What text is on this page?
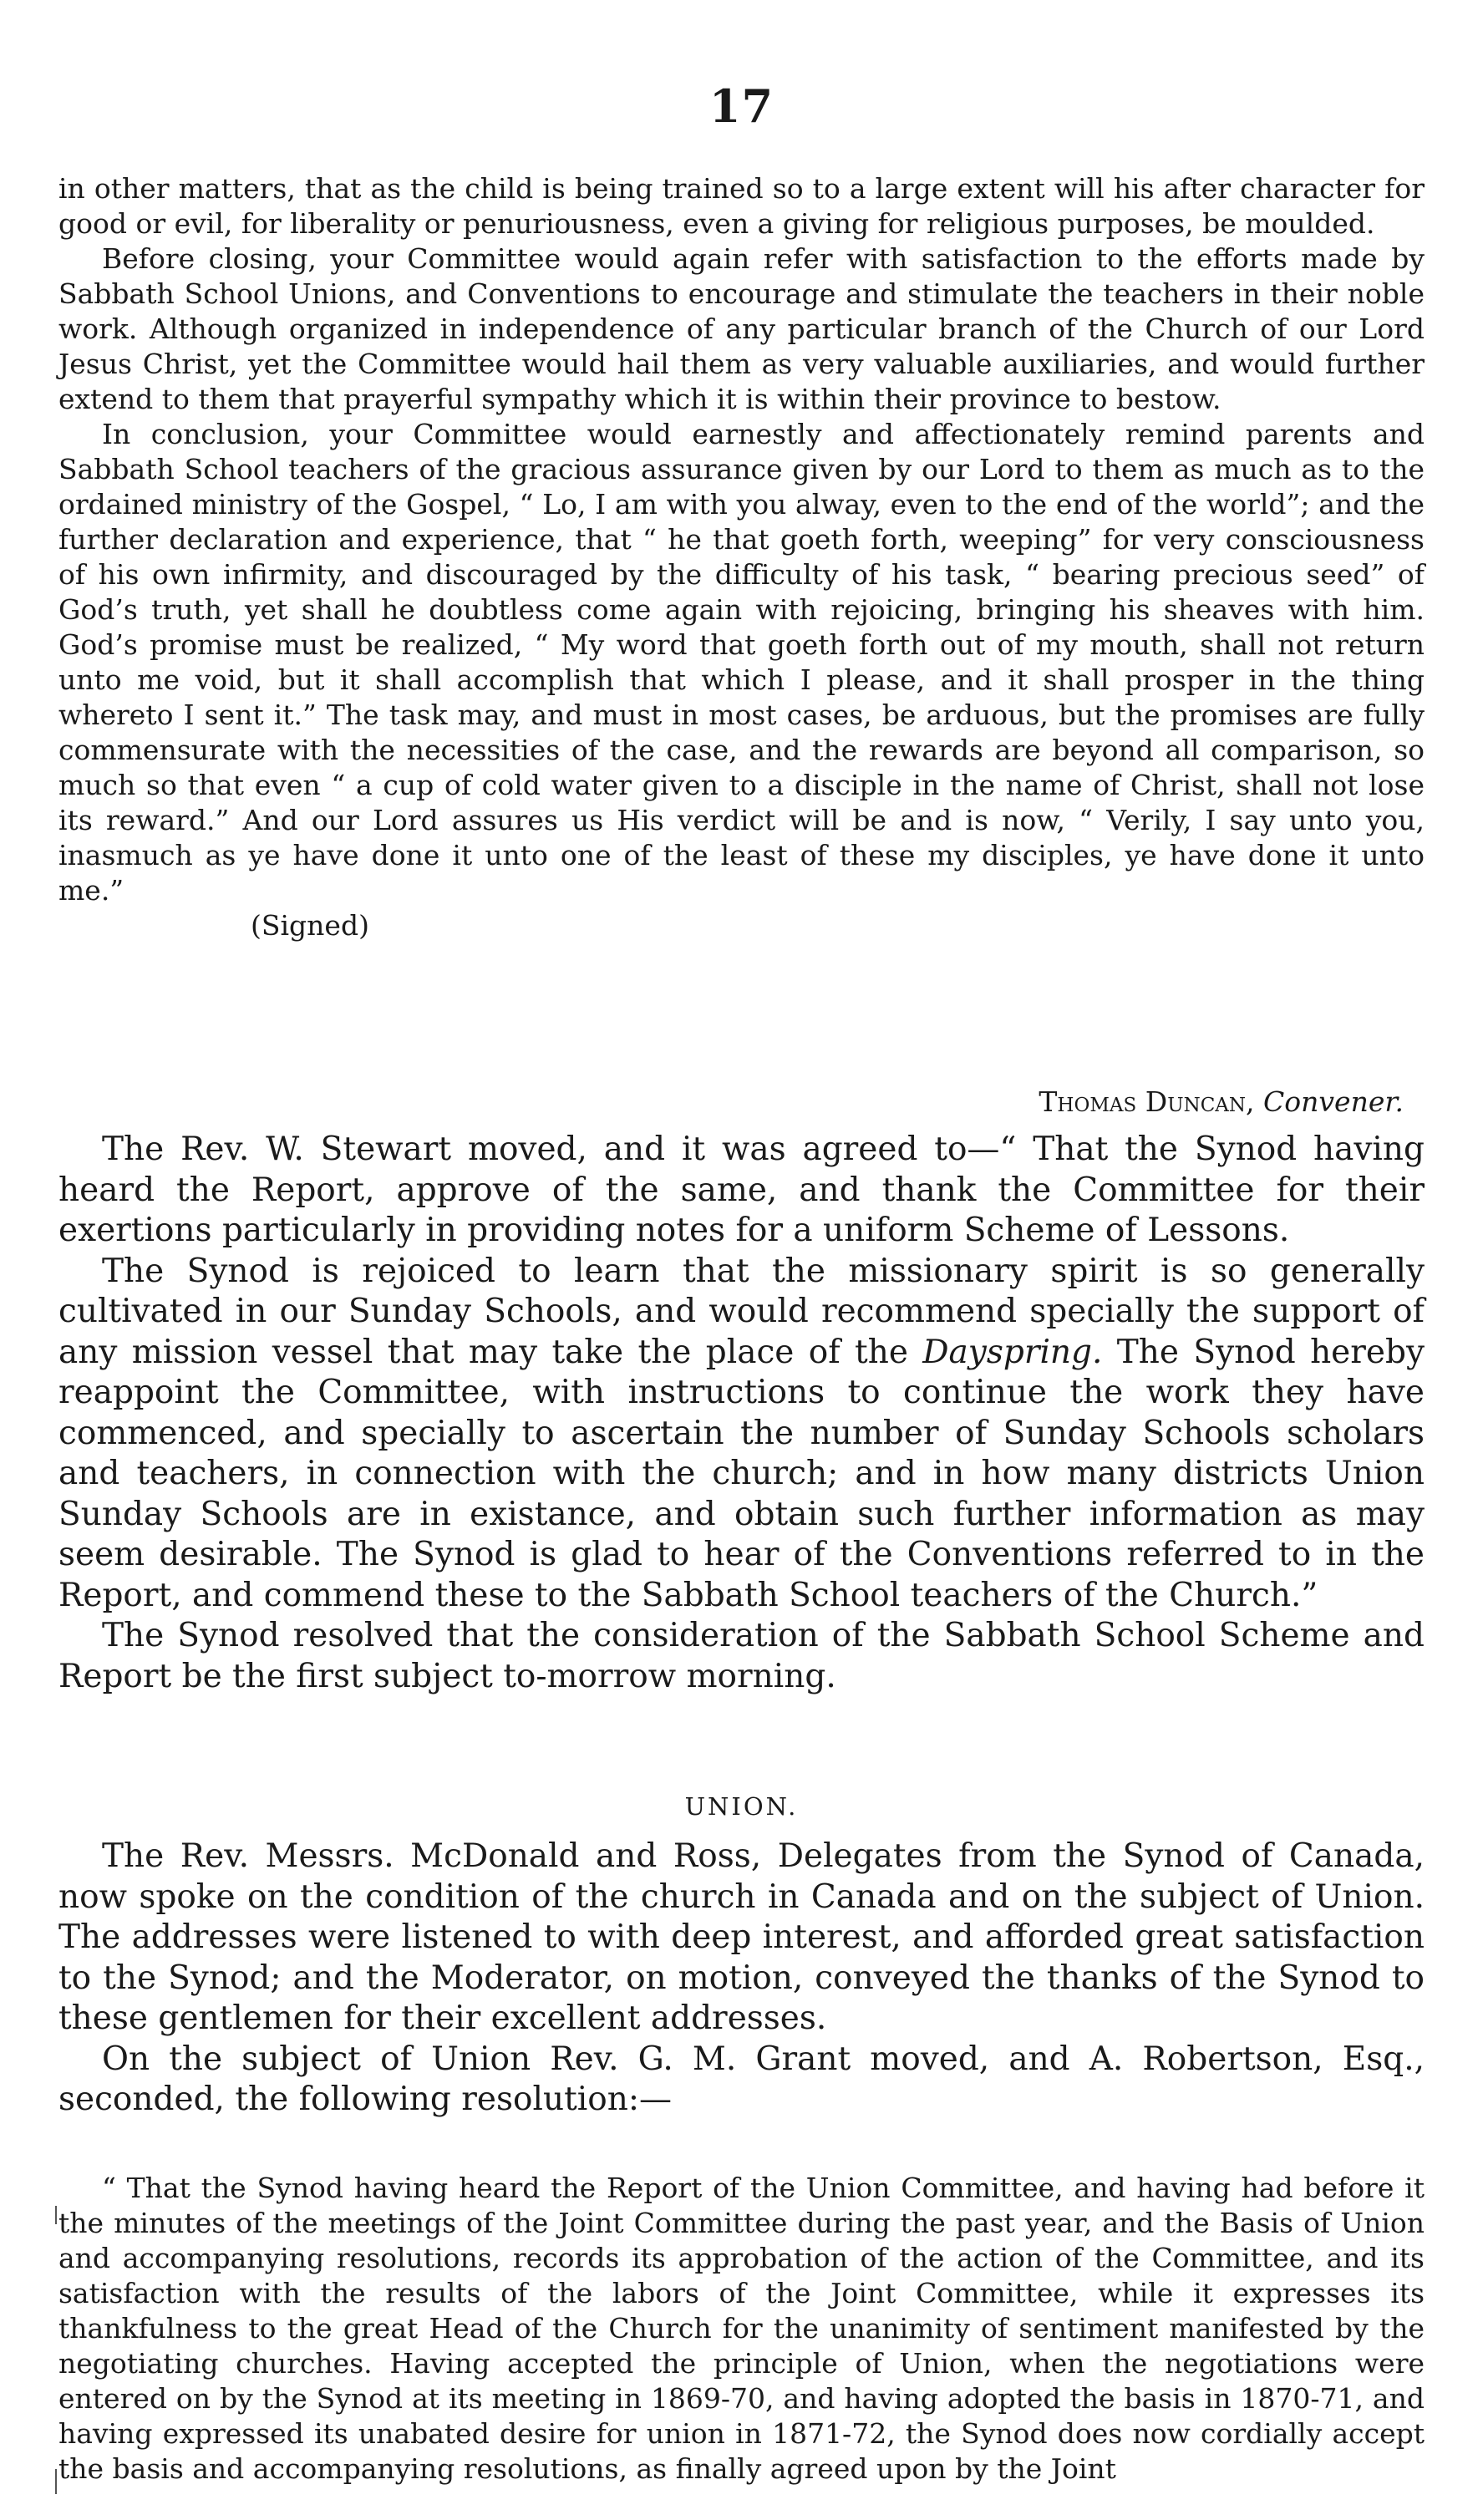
17

in other matters, that as the child is being trained so to a large extent will his after character for good or evil, for liberality or penuriousness, even a giving for religious purposes, be moulded.

Before closing, your Committee would again refer with satisfaction to the efforts made by Sabbath School Unions, and Conventions to encourage and stimulate the teachers in their noble work. Although organized in independence of any particular branch of the Church of our Lord Jesus Christ, yet the Committee would hail them as very valuable auxiliaries, and would further extend to them that prayerful sympathy which it is within their province to bestow.

In conclusion, your Committee would earnestly and affectionately remind parents and Sabbath School teachers of the gracious assurance given by our Lord to them as much as to the ordained ministry of the Gospel, “ Lo, I am with you alway, even to the end of the world”; and the further declaration and experience, that “ he that goeth forth, weeping” for very consciousness of his own infirmity, and discouraged by the difficulty of his task, “ bearing precious seed” of God’s truth, yet shall he doubtless come again with rejoicing, bringing his sheaves with him. God’s promise must be realized, “ My word that goeth forth out of my mouth, shall not return unto me void, but it shall accomplish that which I please, and it shall prosper in the thing whereto I sent it.” The task may, and must in most cases, be arduous, but the promises are fully commensurate with the necessities of the case, and the rewards are beyond all comparison, so much so that even “ a cup of cold water given to a disciple in the name of Christ, shall not lose its reward.” And our Lord assures us His verdict will be and is now, “ Verily, I say unto you, inasmuch as ye have done it unto one of the least of these my disciples, ye have done it unto me.”

(Signed)
Thomas Duncan, Convener.

The Rev. W. Stewart moved, and it was agreed to—“ That the Synod having heard the Report, approve of the same, and thank the Committee for their exertions particularly in providing notes for a uniform Scheme of Lessons.

The Synod is rejoiced to learn that the missionary spirit is so generally cultivated in our Sunday Schools, and would recommend specially the support of any mission vessel that may take the place of the Dayspring. The Synod hereby reappoint the Committee, with instructions to continue the work they have commenced, and specially to ascertain the number of Sunday Schools scholars and teachers, in connection with the church; and in how many districts Union Sunday Schools are in existance, and obtain such further information as may seem desirable. The Synod is glad to hear of the Conventions referred to in the Report, and commend these to the Sabbath School teachers of the Church.”

The Synod resolved that the consideration of the Sabbath School Scheme and Report be the first subject to-morrow morning.

UNION.

The Rev. Messrs. McDonald and Ross, Delegates from the Synod of Canada, now spoke on the condition of the church in Canada and on the subject of Union. The addresses were listened to with deep interest, and afforded great satisfaction to the Synod; and the Moderator, on motion, conveyed the thanks of the Synod to these gentlemen for their excellent addresses.

On the subject of Union Rev. G. M. Grant moved, and A. Robertson, Esq., seconded, the following resolution:—

“ That the Synod having heard the Report of the Union Committee, and having had before it the minutes of the meetings of the Joint Committee during the past year, and the Basis of Union and accompanying resolutions, records its approbation of the action of the Committee, and its satisfaction with the results of the labors of the Joint Committee, while it expresses its thankfulness to the great Head of the Church for the unanimity of sentiment manifested by the negotiating churches. Having accepted the principle of Union, when the negotiations were entered on by the Synod at its meeting in 1869-70, and having adopted the basis in 1870-71, and having expressed its unabated desire for union in 1871-72, the Synod does now cordially accept the basis and accompanying resolutions, as finally agreed upon by the Joint
